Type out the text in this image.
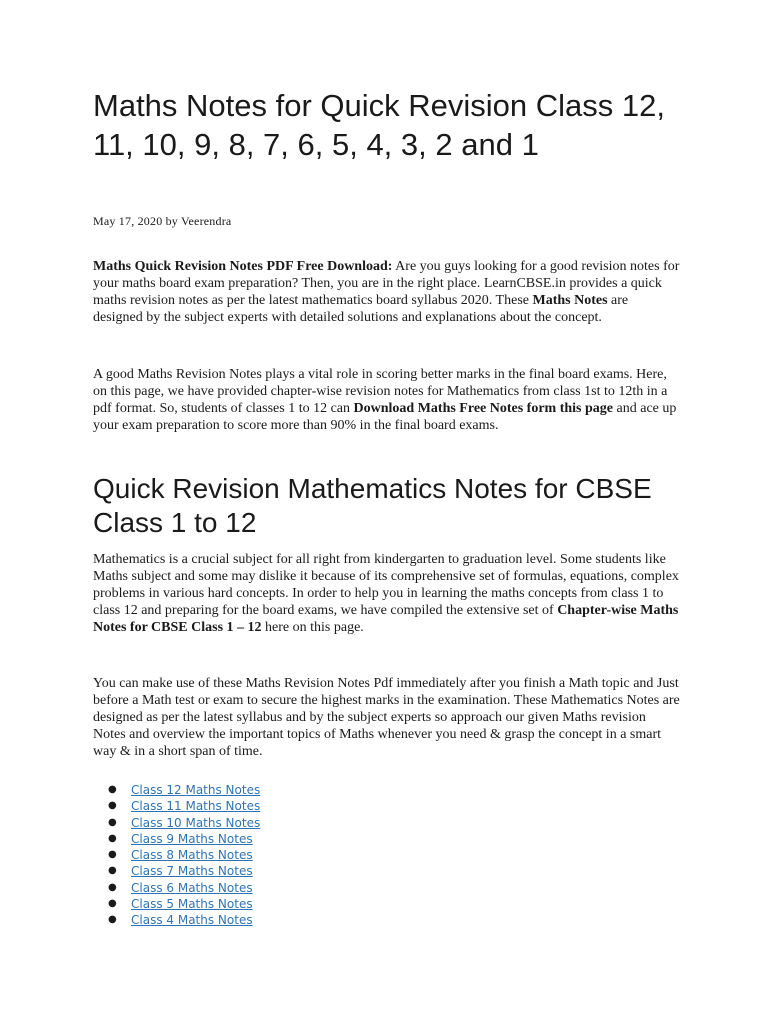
Maths Notes for Quick Revision Class 12, 11, 10, 9, 8, 7, 6, 5, 4, 3, 2 and 1
May 17, 2020 by Veerendra

Maths Quick Revision Notes PDF Free Download: Are you guys looking for a good revision notes for your maths board exam preparation? Then, you are in the right place. LearnCBSE.in provides a quick maths revision notes as per the latest mathematics board syllabus 2020. These Maths Notes are designed by the subject experts with detailed solutions and explanations about the concept.

A good Maths Revision Notes plays a vital role in scoring better marks in the final board exams. Here, on this page, we have provided chapter-wise revision notes for Mathematics from class 1st to 12th in a pdf format. So, students of classes 1 to 12 can Download Maths Free Notes form this page and ace up your exam preparation to score more than 90% in the final board exams.

Quick Revision Mathematics Notes for CBSE Class 1 to 12

Mathematics is a crucial subject for all right from kindergarten to graduation level. Some students like Maths subject and some may dislike it because of its comprehensive set of formulas, equations, complex problems in various hard concepts. In order to help you in learning the maths concepts from class 1 to class 12 and preparing for the board exams, we have compiled the extensive set of Chapter-wise Maths Notes for CBSE Class 1 – 12 here on this page.

You can make use of these Maths Revision Notes Pdf immediately after you finish a Math topic and Just before a Math test or exam to secure the highest marks in the examination. These Mathematics Notes are designed as per the latest syllabus and by the subject experts so approach our given Maths revision Notes and overview the important topics of Maths whenever you need & grasp the concept in a smart way & in a short span of time.

● Class 12 Maths Notes
● Class 11 Maths Notes
● Class 10 Maths Notes
● Class 9 Maths Notes
● Class 8 Maths Notes
● Class 7 Maths Notes
● Class 6 Maths Notes
● Class 5 Maths Notes
● Class 4 Maths Notes
